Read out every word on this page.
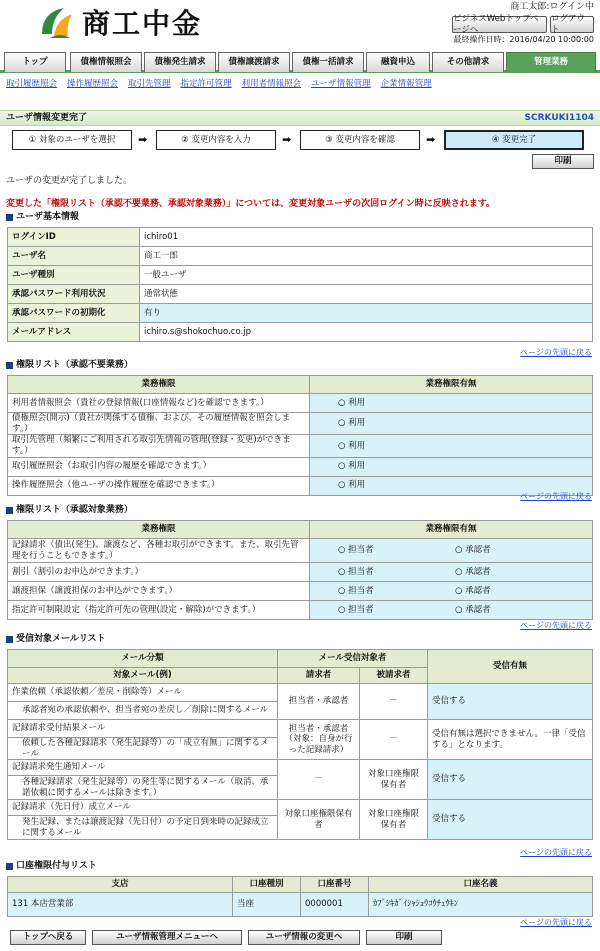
商工中金	商工太郎:ログイン中
ビジネスWebトップページへ
ログアウト
最終操作日時：2016/04/20 10:00:00
トップ	債権情報照会	債権発生請求	債権譲渡請求	債権一括請求	融資申込	その他請求	管理業務
取引履歴照会 操作履歴照会 取引先管理 指定許可管理 利用者情報照会 ユーザ情報管理 企業情報管理
ユーザ情報変更完了	SCRKUKI1104
① 対象のユーザを選択	➡	② 変更内容を入力	➡	③ 変更内容を確認	➡	④ 変更完了
印刷
ユーザの変更が完了しました。
変更した「権限リスト（承認不要業務、承認対象業務）」については、変更対象ユーザの次回ログイン時に反映されます。
ユーザ基本情報
ログインID	ichiro01
ユーザ名	商工一郎
ユーザ種別	一般ユーザ
承認パスワード利用状況	通常状態
承認パスワードの初期化	有り
メールアドレス	ichiro.s@shokochuo.co.jp
ページの先頭に戻る
権限リスト（承認不要業務）
業務権限	業務権限有無
利用者情報照会（貴社の登録情報(口座情報など)を確認できます。）	○ 利用
債権照会(開示)（貴社が関係する債権、および、その履歴情報を照会します。）	○ 利用
取引先管理（頻繁にご利用される取引先情報の管理(登録・変更)ができます。）	○ 利用
取引履歴照会（お取引内容の履歴を確認できます。）	○ 利用
操作履歴照会（他ユーザの操作履歴を確認できます。）	○ 利用
ページの先頭に戻る
権限リスト（承認対象業務）
業務権限	業務権限有無	
記録請求（債出(発生)、譲渡など、各種お取引ができます。また、取引先管理を行うこともできます。）	○ 担当者	○ 承認者
割引（割引のお申込ができます。）	○ 担当者	○ 承認者
譲渡担保（譲渡担保のお申込ができます。）	○ 担当者	○ 承認者
指定許可制限設定（指定許可先の管理(設定・解除)ができます。）	○ 担当者	○ 承認者
ページの先頭に戻る
受信対象メールリスト
メール分類	メール受信対象者		受信有無
対象メール(例)	請求者	被請求者	
作業依頼（承認依頼／差戻・削除等）メール	担当者・承認者	－	受信する
承認者宛の承認依頼や、担当者宛の差戻し／削除に関するメール			
記録請求受付結果メール	担当者・承認者（対象：自身が行った記録請求）	－	受信有無は選択できません。一律「受信する」となります。
依頼した各種記録請求（発生記録等）の「成立有無」に関するメール			
記録請求発生通知メール	－	対象口座権限保有者	受信する
各種記録請求（発生記録等）の発生等に関するメール（取消、承諾依頼に関するメールは除きます。）			
記録請求（先日付）成立メール	対象口座権限保有者	対象口座権限保有者	受信する
発生記録、または譲渡記録（先日付）の予定日到来時の記録成立に関するメール			
ページの先頭に戻る
口座権限付与リスト
支店	口座種別	口座番号	口座名義
131 本店営業部	当座	0000001	ｶﾌﾞｼｷｶﾞｲｼｬｼｮｳｺｳﾁｭｳｷﾝ
ページの先頭に戻る
トップへ戻る	ユーザ情報管理メニューへ	ユーザ情報の変更へ	印刷
